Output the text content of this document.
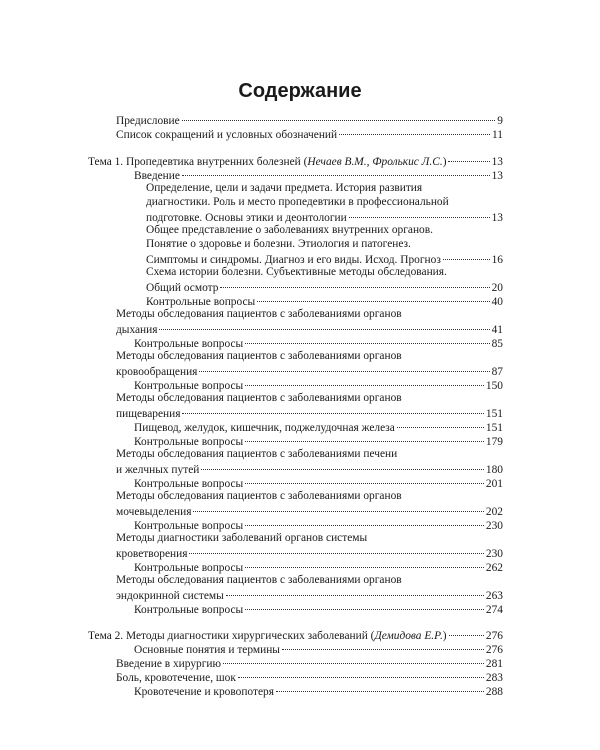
Содержание
Предисловие	9
Список сокращений и условных обозначений	11
Тема 1. Пропедевтика внутренних болезней (Нечаев В.М., Фролькис Л.С.)	13
Введение	13
Определение, цели и задачи предмета. История развития
диагностики. Роль и место пропедевтики в профессиональной
подготовке. Основы этики и деонтологии	13
Общее представление о заболеваниях внутренних органов.
Понятие о здоровье и болезни. Этиология и патогенез.
Симптомы и синдромы. Диагноз и его виды. Исход. Прогноз	16
Схема истории болезни. Субъективные методы обследования.
Общий осмотр	20
Контрольные вопросы	40
Методы обследования пациентов с заболеваниями органов
дыхания	41
Контрольные вопросы	85
Методы обследования пациентов с заболеваниями органов
кровообращения	87
Контрольные вопросы	150
Методы обследования пациентов с заболеваниями органов
пищеварения	151
Пищевод, желудок, кишечник, поджелудочная железа	151
Контрольные вопросы	179
Методы обследования пациентов с заболеваниями печени
и желчных путей	180
Контрольные вопросы	201
Методы обследования пациентов с заболеваниями органов
мочевыделения	202
Контрольные вопросы	230
Методы диагностики заболеваний органов системы
кроветворения	230
Контрольные вопросы	262
Методы обследования пациентов с заболеваниями органов
эндокринной системы	263
Контрольные вопросы	274
Тема 2. Методы диагностики хирургических заболеваний (Демидова Е.Р.)	276
Основные понятия и термины	276
Введение в хирургию	281
Боль, кровотечение, шок	283
Кровотечение и кровопотеря	288
